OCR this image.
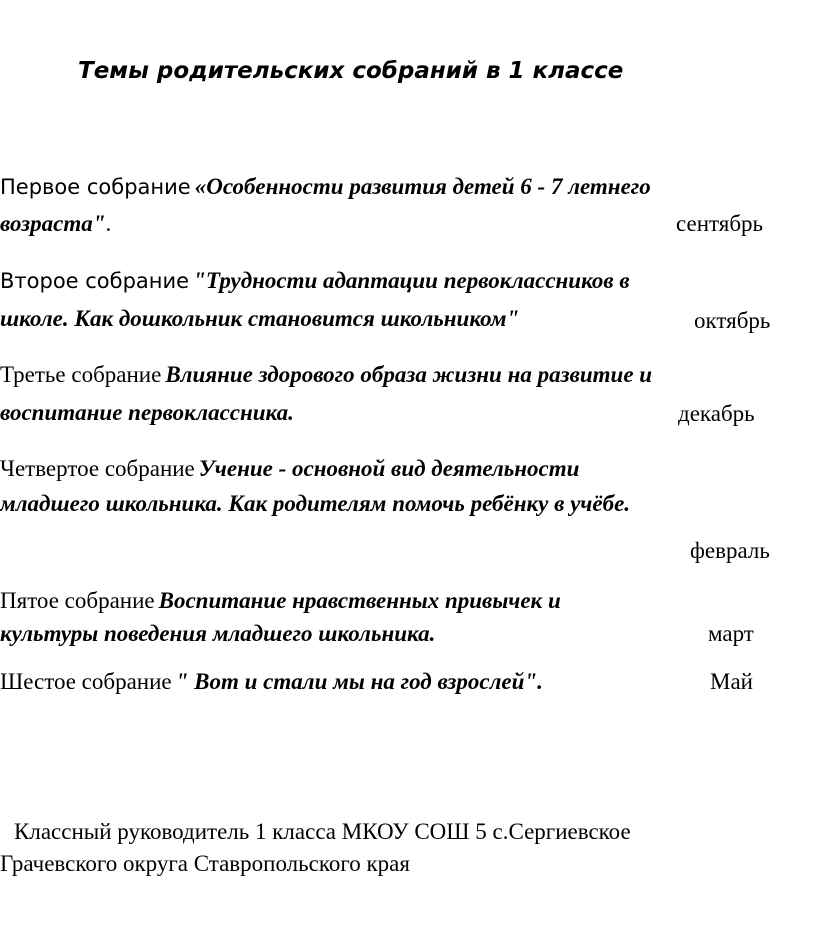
Темы родительских собраний в 1 классе
Первое собрание «Особенности развития детей 6 - 7 летнего
возраста".	сентябрь
Второе собрание "Трудности адаптации первоклассников в
школе. Как дошкольник становится школьником"	октябрь
Третье собрание Влияние здорового образа жизни на развитие и
воспитание первоклассника.	декабрь
Четвертое собрание Учение - основной вид деятельности
младшего школьника. Как родителям помочь ребёнку в учёбе.
февраль
Пятое собрание Воспитание нравственных привычек и
культуры поведения младшего школьника.	март
Шестое собрание " Вот и стали мы на год взрослей".	Май
Классный руководитель 1 класса МКОУ СОШ 5 с.Сергиевское
Грачевского округа Ставропольского края
